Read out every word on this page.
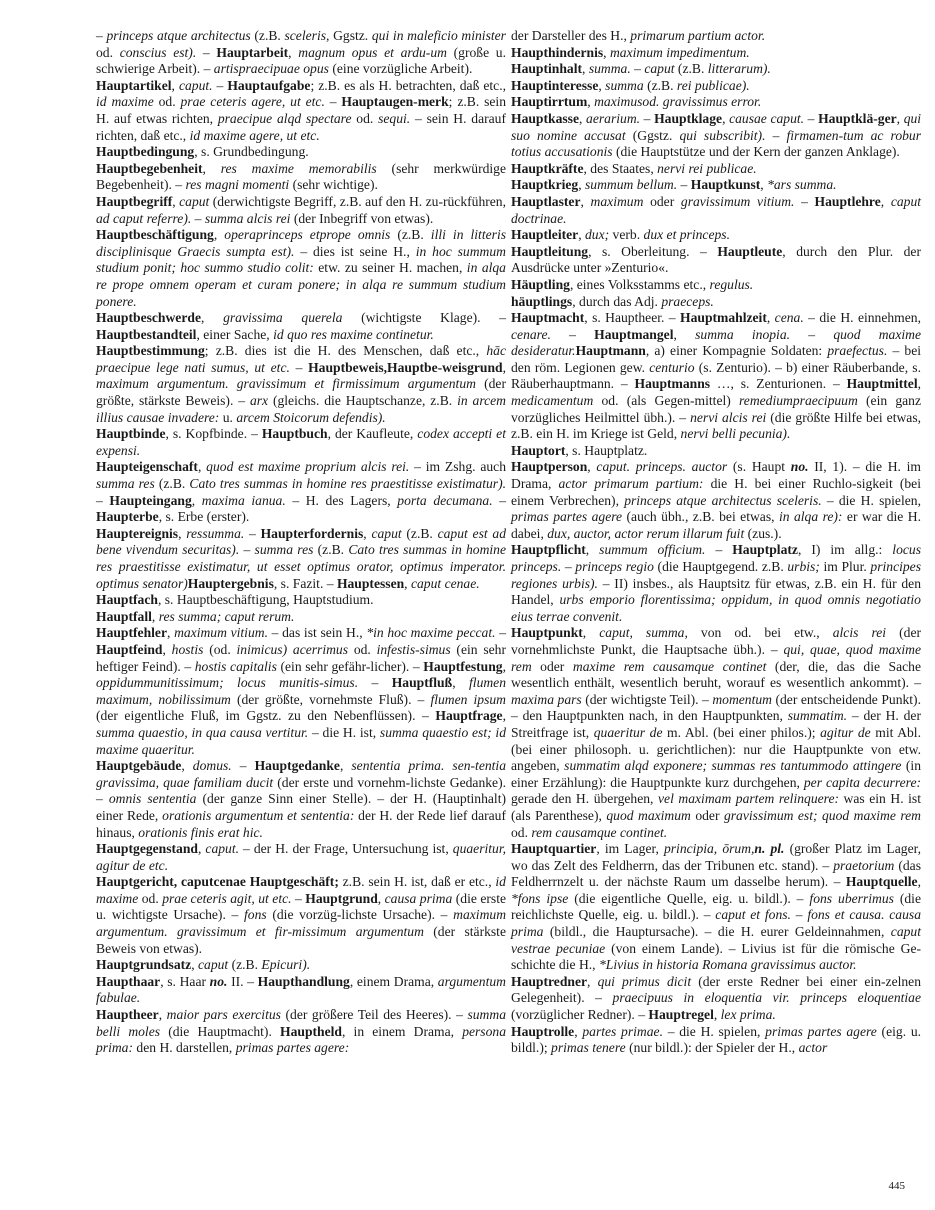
– princeps atque architectus (z.B. sceleris, Ggstz. qui in maleficio minister od. conscius est). – Hauptarbeit, magnum opus et ardu-um (große u. schwierige Arbeit). – artispraecipuae opus (eine vorzügliche Arbeit).

Hauptartikel, caput. – Hauptaufgabe; z.B. es als H. betrachten, daß etc., id maxime od. prae ceteris agere, ut etc. – Hauptaugen-merk; z.B. sein H. auf etwas richten, praecipue alqd spectare od. sequi. – sein H. darauf richten, daß etc., id maxime agere, ut etc.

Hauptbedingung, s. Grundbedingung.

Hauptbegebenheit, res maxime memorabilis (sehr merkwürdige Begebenheit). – res magni momenti (sehr wichtige).

Hauptbegriff, caput (derwichtigste Begriff, z.B. auf den H. zu-rückführen, ad caput referre). – summa alcis rei (der Inbegriff von etwas).

Hauptbeschäftigung, operaprinceps etprope omnis (z.B. illi in litteris disciplinisque Graecis sumpta est). – dies ist seine H., in hoc summum studium ponit; hoc summo studio colit: etw. zu seiner H. machen, in alqa re prope omnem operam et curam ponere; in alqa re summum studium ponere.

Hauptbeschwerde, gravissima querela (wichtigste Klage). – Hauptbestandteil, einer Sache, id quo res maxime continetur.

Hauptbestimmung; z.B. dies ist die H. des Menschen, daß etc., hāc praecipue lege nati sumus, ut etc. – Hauptbeweis,Hauptbe-weisgrund, maximum argumentum. gravissimum et firmissimum argumentum (der größte, stärkste Beweis). – arx (gleichs. die Hauptschanze, z.B. in arcem illius causae invadere: u. arcem Stoicorum defendis).

Hauptbinde, s. Kopfbinde. – Hauptbuch, der Kaufleute, codex accepti et expensi.

Haupteigenschaft, quod est maxime proprium alcis rei. – im Zshg. auch summa res (z.B. Cato tres summas in homine res praestitisse existimatur). – Haupteingang, maxima ianua. – H. des Lagers, porta decumana. – Haupterbe, s. Erbe (erster).

Hauptereignis, ressumma. – Haupterfordernis, caput (z.B. caput est ad bene vivendum securitas). – summa res (z.B. Cato tres summas in homine res praestitisse existimatur, ut esset optimus orator, optimus imperator. optimus senator)Hauptergebnis, s. Fazit. – Hauptessen, caput cenae.

Hauptfach, s. Hauptbeschäftigung, Hauptstudium.

Hauptfall, res summa; caput rerum.

Hauptfehler, maximum vitium. – das ist sein H., *in hoc maxime peccat. – Hauptfeind, hostis (od. inimicus) acerrimus od. infestis-simus (ein sehr heftiger Feind). – hostis capitalis (ein sehr gefähr-licher). – Hauptfestung, oppidummunitissimum; locus munitis-simus. – Hauptfluß, flumen maximum, nobilissimum (der größte, vornehmste Fluß). – flumen ipsum (der eigentliche Fluß, im Ggstz. zu den Nebenflüssen). – Hauptfrage, summa quaestio, in qua causa vertitur. – die H. ist, summa quaestio est; id maxime quaeritur.

Hauptgebäude, domus. – Hauptgedanke, sententia prima. sen-tentia gravissima, quae familiam ducit (der erste und vornehm-lichste Gedanke). – omnis sententia (der ganze Sinn einer Stelle). – der H. (Hauptinhalt) einer Rede, orationis argumentum et sententia: der H. der Rede lief darauf hinaus, orationis finis erat hic.

Hauptgegenstand, caput. – der H. der Frage, Untersuchung ist, quaeritur, agitur de etc.

Hauptgericht, caputcenae Hauptgeschäft; z.B. sein H. ist, daß er etc., id maxime od. prae ceteris agit, ut etc. – Hauptgrund, causa prima (die erste u. wichtigste Ursache). – fons (die vorzüg-lichste Ursache). – maximum argumentum. gravissimum et fir-missimum argumentum (der stärkste Beweis von etwas).

Hauptgrundsatz, caput (z.B. Epicuri).

Haupthaar, s. Haar no. II. – Haupthandlung, einem Drama, argumentum fabulae.

Hauptheer, maior pars exercitus (der größere Teil des Heeres). – summa belli moles (die Hauptmacht). Hauptheld, in einem Drama, persona prima: den H. darstellen, primas partes agere:

der Darsteller des H., primarum partium actor.

Haupthindernis, maximum impedimentum.

Hauptinhalt, summa. – caput (z.B. litterarum).

Hauptinteresse, summa (z.B. rei publicae).

Hauptirrtum, maximusod. gravissimus error.

Hauptkasse, aerarium. – Hauptklage, causae caput. – Hauptklä-ger, qui suo nomine accusat (Ggstz. qui subscribit). – firmamen-tum ac robur totius accusationis (die Hauptstütze und der Kern der ganzen Anklage).

Hauptkräfte, des Staates, nervi rei publicae.

Hauptkrieg, summum bellum. – Hauptkunst, *ars summa.

Hauptlaster, maximum oder gravissimum vitium. – Hauptlehre, caput doctrinae.

Hauptleiter, dux; verb. dux et princeps.

Hauptleitung, s. Oberleitung. – Hauptleute, durch den Plur. der Ausdrücke unter »Zenturio«.

Häuptling, eines Volksstamms etc., regulus.

häuptlings, durch das Adj. praeceps.

Hauptmacht, s. Hauptheer. – Hauptmahlzeit, cena. – die H. einnehmen, cenare. – Hauptmangel, summa inopia. – quod maxime desideratur.Hauptmann, a) einer Kompagnie Soldaten: praefectus. – bei den röm. Legionen gew. centurio (s. Zenturio). – b) einer Räuberbande, s. Räuberhauptmann. – Hauptmanns …, s. Zenturionen. – Hauptmittel, medicamentum od. (als Gegen-mittel) remediumpraecipuum (ein ganz vorzügliches Heilmittel übh.). – nervi alcis rei (die größte Hilfe bei etwas, z.B. ein H. im Kriege ist Geld, nervi belli pecunia).

Hauptort, s. Hauptplatz.

Hauptperson, caput. princeps. auctor (s. Haupt no. II, 1). – die H. im Drama, actor primarum partium: die H. bei einer Ruchlo-sigkeit (bei einem Verbrechen), princeps atque architectus sceleris. – die H. spielen, primas partes agere (auch übh., z.B. bei etwas, in alqa re): er war die H. dabei, dux, auctor, actor rerum illarum fuit (zus.).

Hauptpflicht, summum officium. – Hauptplatz, I) im allg.: locus princeps. – princeps regio (die Hauptgegend. z.B. urbis; im Plur. principes regiones urbis). – II) insbes., als Hauptsitz für etwas, z.B. ein H. für den Handel, urbs emporio florentissima; oppidum, in quod omnis negotiatio eius terrae convenit.

Hauptpunkt, caput, summa, von od. bei etw., alcis rei (der vornehmlichste Punkt, die Hauptsache übh.). – qui, quae, quod maxime rem oder maxime rem causamque continet (der, die, das die Sache wesentlich enthält, wesentlich beruht, worauf es wesentlich ankommt). – maxima pars (der wichtigste Teil). – momentum (der entscheidende Punkt). – den Hauptpunkten nach, in den Hauptpunkten, summatim. – der H. der Streitfrage ist, quaeritur de m. Abl. (bei einer philos.); agitur de mit Abl. (bei einer philosoph. u. gerichtlichen): nur die Hauptpunkte von etw. angeben, summatim alqd exponere; summas res tantummodo attingere (in einer Erzählung): die Hauptpunkte kurz durchgehen, per capita decurrere: gerade den H. übergehen, vel maximam partem relinquere: was ein H. ist (als Parenthese), quod maximum oder gravissimum est; quod maxime rem od. rem causamque continet.

Hauptquartier, im Lager, principia, ōrum,n. pl. (großer Platz im Lager, wo das Zelt des Feldherrn, das der Tribunen etc. stand). – praetorium (das Feldherrnzelt u. der nächste Raum um dasselbe herum). – Hauptquelle, *fons ipse (die eigentliche Quelle, eig. u. bildl.). – fons uberrimus (die reichlichste Quelle, eig. u. bildl.). – caput et fons. – fons et causa. causa prima (bildl., die Hauptursache). – die H. eurer Geldeinnahmen, caput vestrae pecuniae (von einem Lande). – Livius ist für die römische Ge-schichte die H., *Livius in historia Romana gravissimus auctor.

Hauptredner, qui primus dicit (der erste Redner bei einer ein-zelnen Gelegenheit). – praecipuus in eloquentia vir. princeps eloquentiae (vorzüglicher Redner). – Hauptregel, lex prima.

Hauptrolle, partes primae. – die H. spielen, primas partes agere (eig. u. bildl.); primas tenere (nur bildl.): der Spieler der H., actor

445
